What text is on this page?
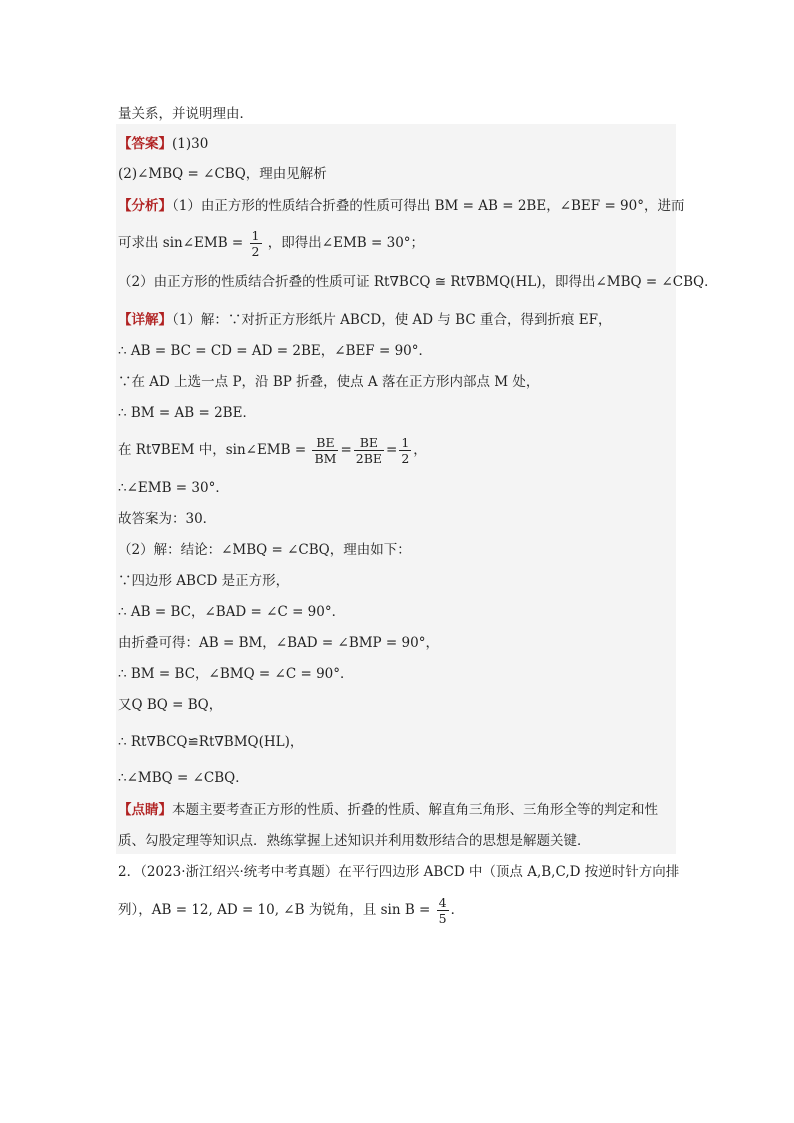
量关系，并说明理由．
【答案】(1)30
(2)∠MBQ = ∠CBQ，理由见解析
【分析】（1）由正方形的性质结合折叠的性质可得出 BM = AB = 2BE，∠BEF = 90°，进而
可求出 sin∠EMB = $\frac{1}{2}$ ，即得出∠EMB = 30°；
（2）由正方形的性质结合折叠的性质可证 Rt∇BCQ ≅ Rt∇BMQ(HL)，即得出∠MBQ = ∠CBQ．
【详解】（1）解：∵对折正方形纸片 ABCD，使 AD 与 BC 重合，得到折痕 EF，
∴ AB = BC = CD = AD = 2BE，∠BEF = 90°．
∵在 AD 上选一点 P，沿 BP 折叠，使点 A 落在正方形内部点 M 处，
∴ BM = AB = 2BE．
在 Rt∇BEM 中，sin∠EMB = $\frac{BE}{BM} = \frac{BE}{2BE} = \frac{1}{2}$ ，
∴∠EMB = 30°．
故答案为：30．
（2）解：结论：∠MBQ = ∠CBQ，理由如下：
∵四边形 ABCD 是正方形，
∴ AB = BC，∠BAD = ∠C = 90°．
由折叠可得：AB = BM，∠BAD = ∠BMP = 90°，
∴ BM = BC，∠BMQ = ∠C = 90°．
又Q BQ = BQ，
∴ Rt∇BCQ≌Rt∇BMQ(HL)，
∴∠MBQ = ∠CBQ．
【点睛】本题主要考查正方形的性质、折叠的性质、解直角三角形、三角形全等的判定和性
质、勾股定理等知识点．熟练掌握上述知识并利用数形结合的思想是解题关键．
2．（2023·浙江绍兴·统考中考真题）在平行四边形 ABCD 中（顶点 A,B,C,D 按逆时针方向排
列），AB = 12, AD = 10, ∠B 为锐角，且 $\sin B = \frac{4}{5}$ ．
